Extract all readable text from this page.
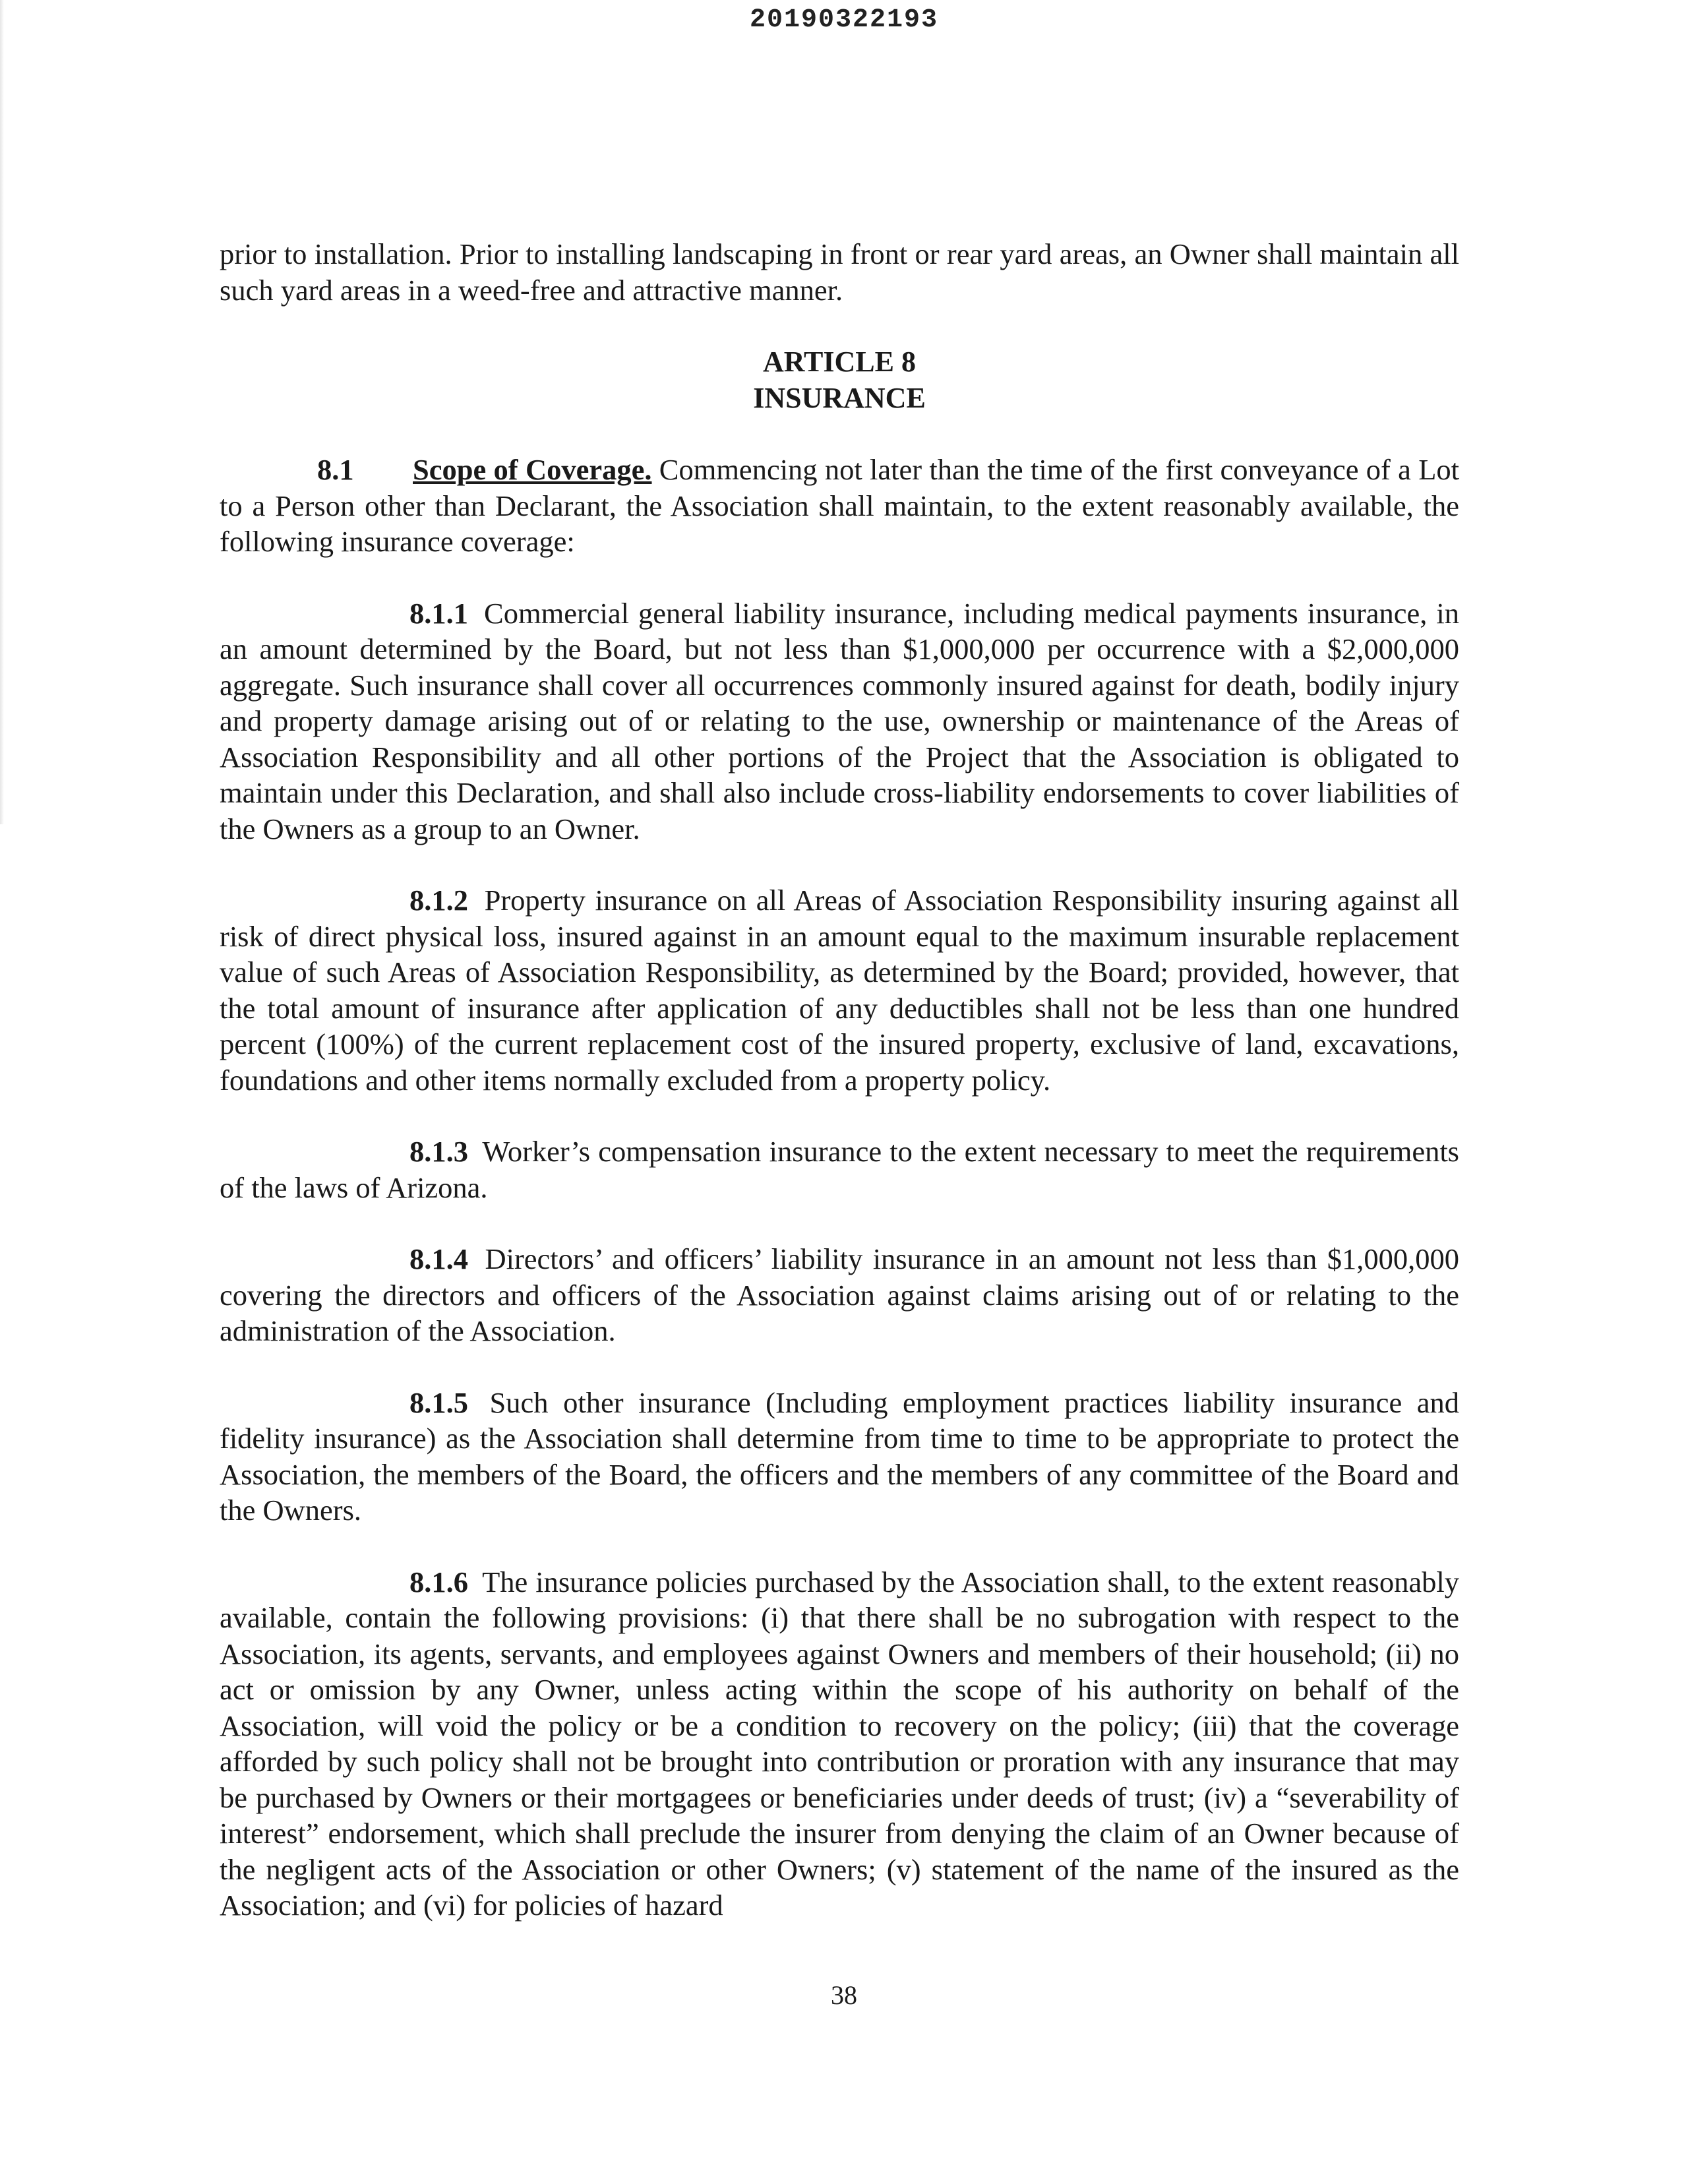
20190322193

prior to installation. Prior to installing landscaping in front or rear yard areas, an Owner shall maintain all such yard areas in a weed-free and attractive manner.

ARTICLE 8
INSURANCE

8.1 Scope of Coverage. Commencing not later than the time of the first conveyance of a Lot to a Person other than Declarant, the Association shall maintain, to the extent reasonably available, the following insurance coverage:

8.1.1 Commercial general liability insurance, including medical payments insurance, in an amount determined by the Board, but not less than $1,000,000 per occurrence with a $2,000,000 aggregate. Such insurance shall cover all occurrences commonly insured against for death, bodily injury and property damage arising out of or relating to the use, ownership or maintenance of the Areas of Association Responsibility and all other portions of the Project that the Association is obligated to maintain under this Declaration, and shall also include cross-liability endorsements to cover liabilities of the Owners as a group to an Owner.

8.1.2 Property insurance on all Areas of Association Responsibility insuring against all risk of direct physical loss, insured against in an amount equal to the maximum insurable replacement value of such Areas of Association Responsibility, as determined by the Board; provided, however, that the total amount of insurance after application of any deductibles shall not be less than one hundred percent (100%) of the current replacement cost of the insured property, exclusive of land, excavations, foundations and other items normally excluded from a property policy.

8.1.3 Worker’s compensation insurance to the extent necessary to meet the requirements of the laws of Arizona.

8.1.4 Directors’ and officers’ liability insurance in an amount not less than $1,000,000 covering the directors and officers of the Association against claims arising out of or relating to the administration of the Association.

8.1.5 Such other insurance (Including employment practices liability insurance and fidelity insurance) as the Association shall determine from time to time to be appropriate to protect the Association, the members of the Board, the officers and the members of any committee of the Board and the Owners.

8.1.6 The insurance policies purchased by the Association shall, to the extent reasonably available, contain the following provisions: (i) that there shall be no subrogation with respect to the Association, its agents, servants, and employees against Owners and members of their household; (ii) no act or omission by any Owner, unless acting within the scope of his authority on behalf of the Association, will void the policy or be a condition to recovery on the policy; (iii) that the coverage afforded by such policy shall not be brought into contribution or proration with any insurance that may be purchased by Owners or their mortgagees or beneficiaries under deeds of trust; (iv) a “severability of interest” endorsement, which shall preclude the insurer from denying the claim of an Owner because of the negligent acts of the Association or other Owners; (v) statement of the name of the insured as the Association; and (vi) for policies of hazard

38
